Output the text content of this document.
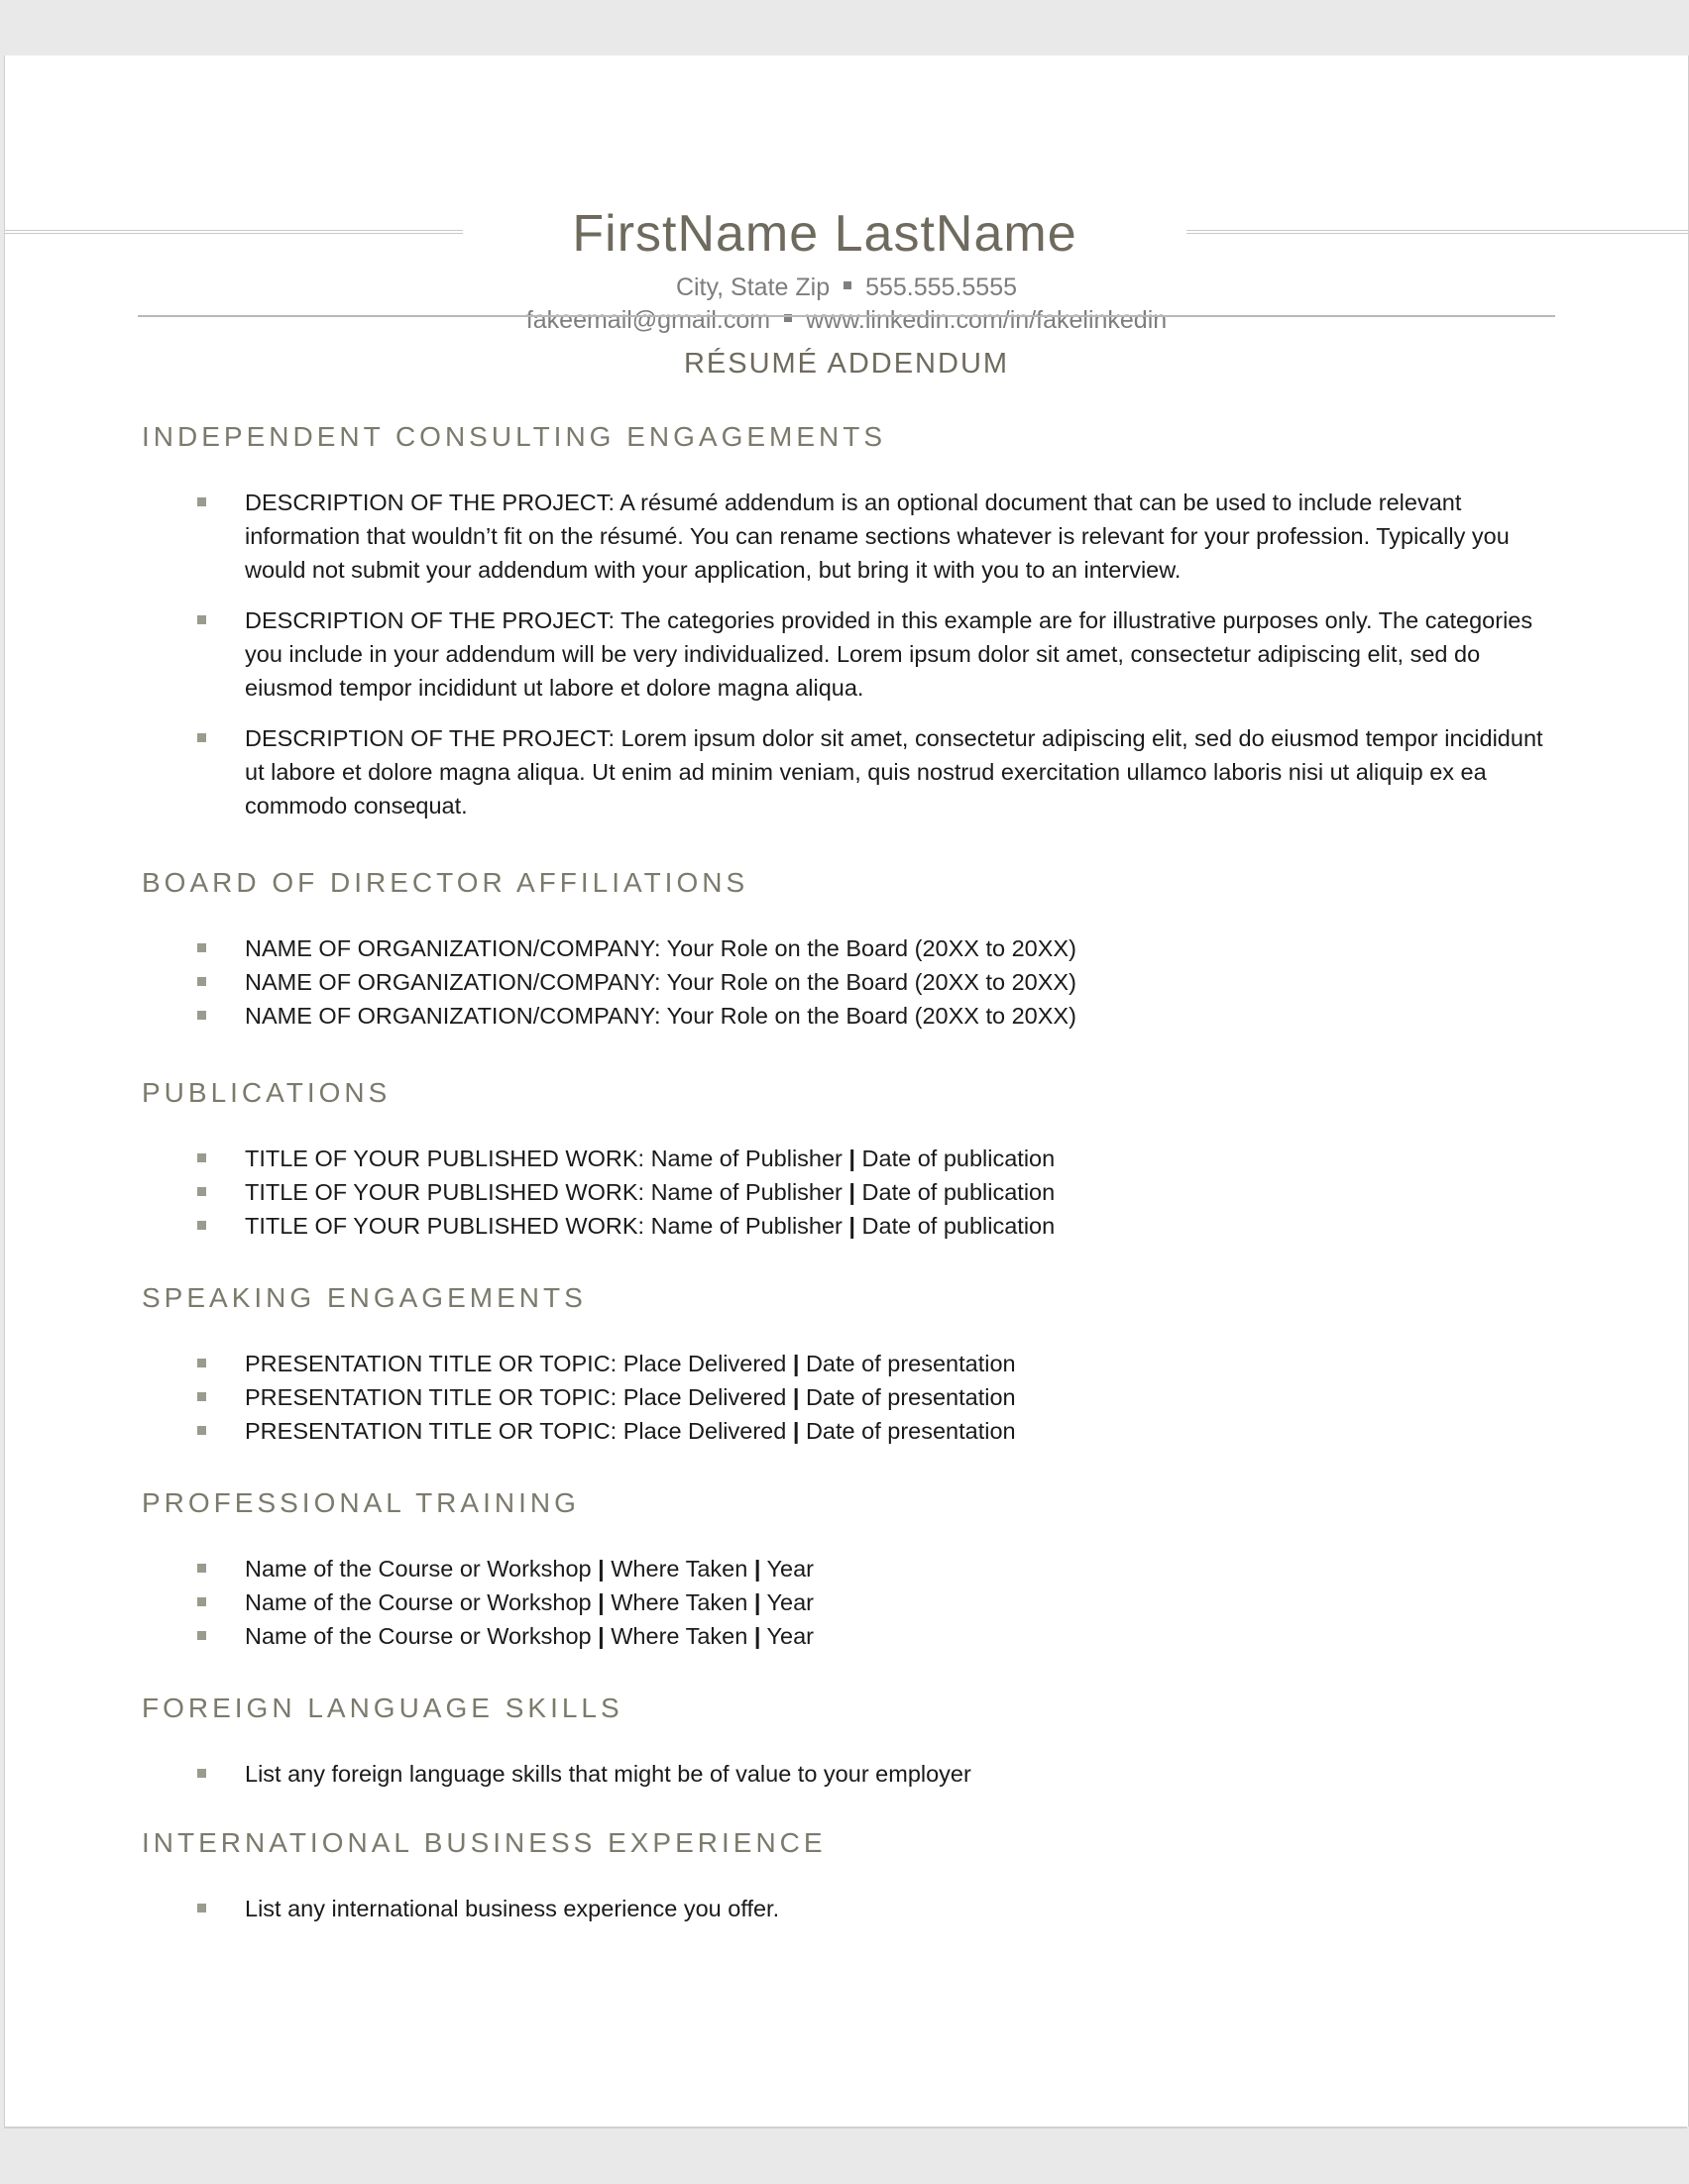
FirstName LastName
City, State Zip 555.555.5555
fakeemail@gmail.com www.linkedin.com/in/fakelinkedin
RÉSUMÉ ADDENDUM
INDEPENDENT CONSULTING ENGAGEMENTS
DESCRIPTION OF THE PROJECT: A résumé addendum is an optional document that can be used to include relevant information that wouldn’t fit on the résumé. You can rename sections whatever is relevant for your profession. Typically you would not submit your addendum with your application, but bring it with you to an interview.
DESCRIPTION OF THE PROJECT: The categories provided in this example are for illustrative purposes only. The categories you include in your addendum will be very individualized. Lorem ipsum dolor sit amet, consectetur adipiscing elit, sed do eiusmod tempor incididunt ut labore et dolore magna aliqua.
DESCRIPTION OF THE PROJECT: Lorem ipsum dolor sit amet, consectetur adipiscing elit, sed do eiusmod tempor incididunt ut labore et dolore magna aliqua. Ut enim ad minim veniam, quis nostrud exercitation ullamco laboris nisi ut aliquip ex ea commodo consequat.
BOARD OF DIRECTOR AFFILIATIONS
NAME OF ORGANIZATION/COMPANY: Your Role on the Board (20XX to 20XX)
NAME OF ORGANIZATION/COMPANY: Your Role on the Board (20XX to 20XX)
NAME OF ORGANIZATION/COMPANY: Your Role on the Board (20XX to 20XX)
PUBLICATIONS
TITLE OF YOUR PUBLISHED WORK: Name of Publisher | Date of publication
TITLE OF YOUR PUBLISHED WORK: Name of Publisher | Date of publication
TITLE OF YOUR PUBLISHED WORK: Name of Publisher | Date of publication
SPEAKING ENGAGEMENTS
PRESENTATION TITLE OR TOPIC: Place Delivered | Date of presentation
PRESENTATION TITLE OR TOPIC: Place Delivered | Date of presentation
PRESENTATION TITLE OR TOPIC: Place Delivered | Date of presentation
PROFESSIONAL TRAINING
Name of the Course or Workshop | Where Taken | Year
Name of the Course or Workshop | Where Taken | Year
Name of the Course or Workshop | Where Taken | Year
FOREIGN LANGUAGE SKILLS
List any foreign language skills that might be of value to your employer
INTERNATIONAL BUSINESS EXPERIENCE
List any international business experience you offer.
